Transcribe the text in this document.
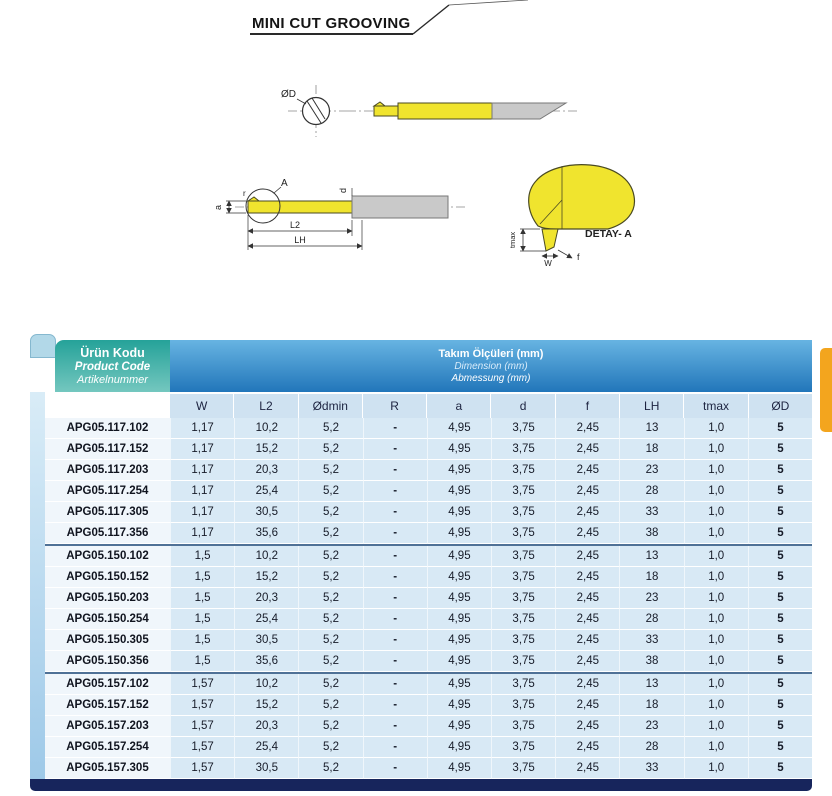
MINI CUT GROOVING
ØD
A
a
r	d
L2
LH	tmax
W
f
DETAY- A
Ürün Kodu
Product Code
Artikelnummer
Takım Ölçüleri (mm)
Dimension (mm)
Abmessung (mm)
W	L2	Ødmin	R	a	d	f	LH	tmax	ØD
APG05.117.102	1,17	10,2	5,2	-	4,95	3,75	2,45	13	1,0	5
APG05.117.152	1,17	15,2	5,2	-	4,95	3,75	2,45	18	1,0	5
APG05.117.203	1,17	20,3	5,2	-	4,95	3,75	2,45	23	1,0	5
APG05.117.254	1,17	25,4	5,2	-	4,95	3,75	2,45	28	1,0	5
APG05.117.305	1,17	30,5	5,2	-	4,95	3,75	2,45	33	1,0	5
APG05.117.356	1,17	35,6	5,2	-	4,95	3,75	2,45	38	1,0	5
APG05.150.102	1,5	10,2	5,2	-	4,95	3,75	2,45	13	1,0	5
APG05.150.152	1,5	15,2	5,2	-	4,95	3,75	2,45	18	1,0	5
APG05.150.203	1,5	20,3	5,2	-	4,95	3,75	2,45	23	1,0	5
APG05.150.254	1,5	25,4	5,2	-	4,95	3,75	2,45	28	1,0	5
APG05.150.305	1,5	30,5	5,2	-	4,95	3,75	2,45	33	1,0	5
APG05.150.356	1,5	35,6	5,2	-	4,95	3,75	2,45	38	1,0	5
APG05.157.102	1,57	10,2	5,2	-	4,95	3,75	2,45	13	1,0	5
APG05.157.152	1,57	15,2	5,2	-	4,95	3,75	2,45	18	1,0	5
APG05.157.203	1,57	20,3	5,2	-	4,95	3,75	2,45	23	1,0	5
APG05.157.254	1,57	25,4	5,2	-	4,95	3,75	2,45	28	1,0	5
APG05.157.305	1,57	30,5	5,2	-	4,95	3,75	2,45	33	1,0	5
